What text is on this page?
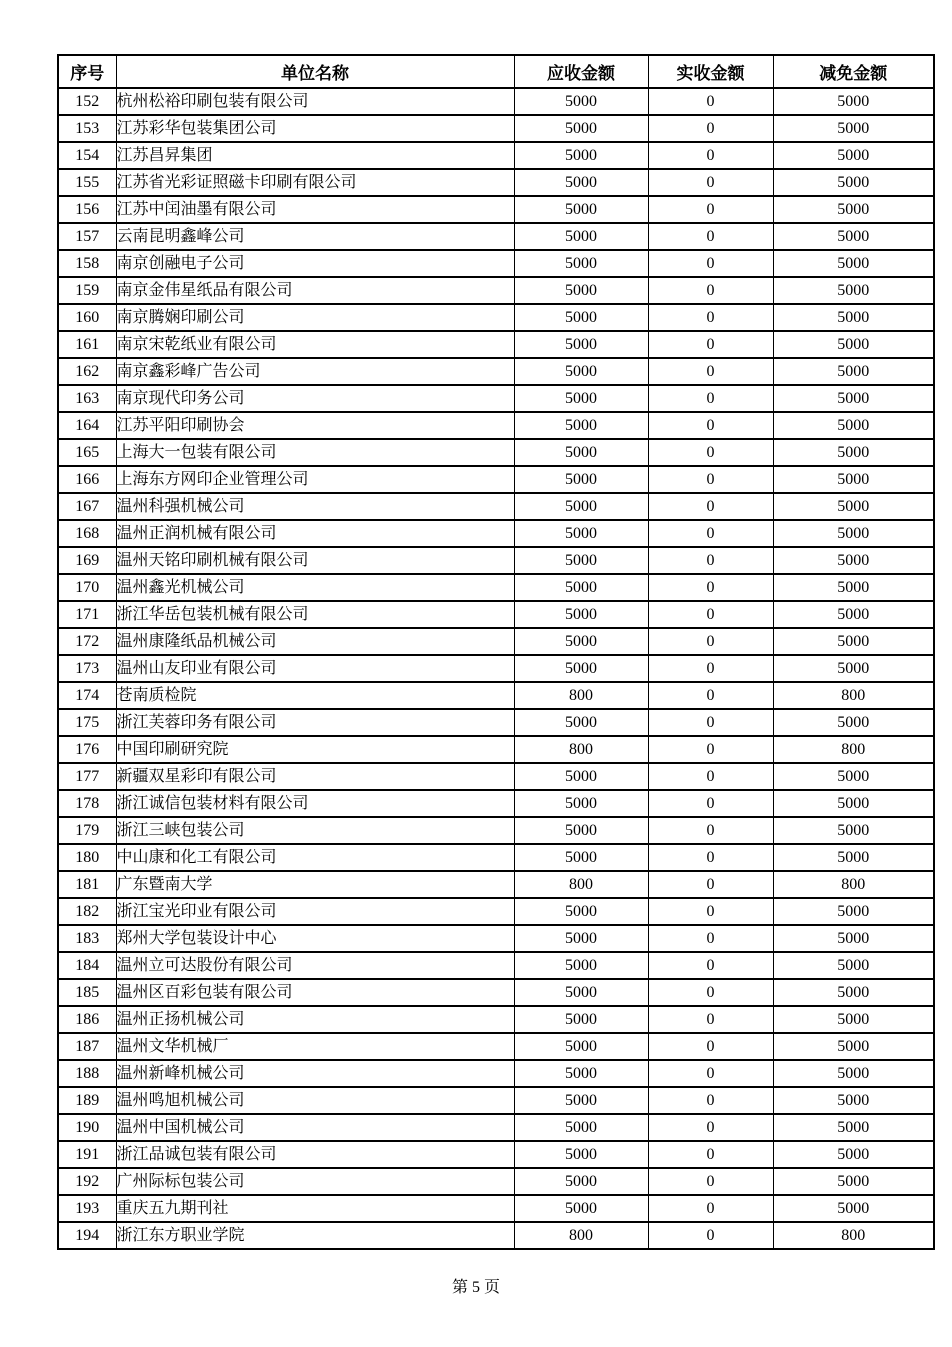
序号	单位名称	应收金额	实收金额	减免金额
152	杭州松裕印刷包装有限公司	5000	0	5000
153	江苏彩华包装集团公司	5000	0	5000
154	江苏昌昇集团	5000	0	5000
155	江苏省光彩证照磁卡印刷有限公司	5000	0	5000
156	江苏中闰油墨有限公司	5000	0	5000
157	云南昆明鑫峰公司	5000	0	5000
158	南京创融电子公司	5000	0	5000
159	南京金伟星纸品有限公司	5000	0	5000
160	南京腾娴印刷公司	5000	0	5000
161	南京宋乾纸业有限公司	5000	0	5000
162	南京鑫彩峰广告公司	5000	0	5000
163	南京现代印务公司	5000	0	5000
164	江苏平阳印刷协会	5000	0	5000
165	上海大一包装有限公司	5000	0	5000
166	上海东方网印企业管理公司	5000	0	5000
167	温州科强机械公司	5000	0	5000
168	温州正润机械有限公司	5000	0	5000
169	温州天铭印刷机械有限公司	5000	0	5000
170	温州鑫光机械公司	5000	0	5000
171	浙江华岳包装机械有限公司	5000	0	5000
172	温州康隆纸品机械公司	5000	0	5000
173	温州山友印业有限公司	5000	0	5000
174	苍南质检院	800	0	800
175	浙江芙蓉印务有限公司	5000	0	5000
176	中国印刷研究院	800	0	800
177	新疆双星彩印有限公司	5000	0	5000
178	浙江诚信包装材料有限公司	5000	0	5000
179	浙江三峡包装公司	5000	0	5000
180	中山康和化工有限公司	5000	0	5000
181	广东暨南大学	800	0	800
182	浙江宝光印业有限公司	5000	0	5000
183	郑州大学包装设计中心	5000	0	5000
184	温州立可达股份有限公司	5000	0	5000
185	温州区百彩包装有限公司	5000	0	5000
186	温州正扬机械公司	5000	0	5000
187	温州文华机械厂	5000	0	5000
188	温州新峰机械公司	5000	0	5000
189	温州鸣旭机械公司	5000	0	5000
190	温州中国机械公司	5000	0	5000
191	浙江品诚包装有限公司	5000	0	5000
192	广州际标包装公司	5000	0	5000
193	重庆五九期刊社	5000	0	5000
194	浙江东方职业学院	800	0	800
第 5 页
